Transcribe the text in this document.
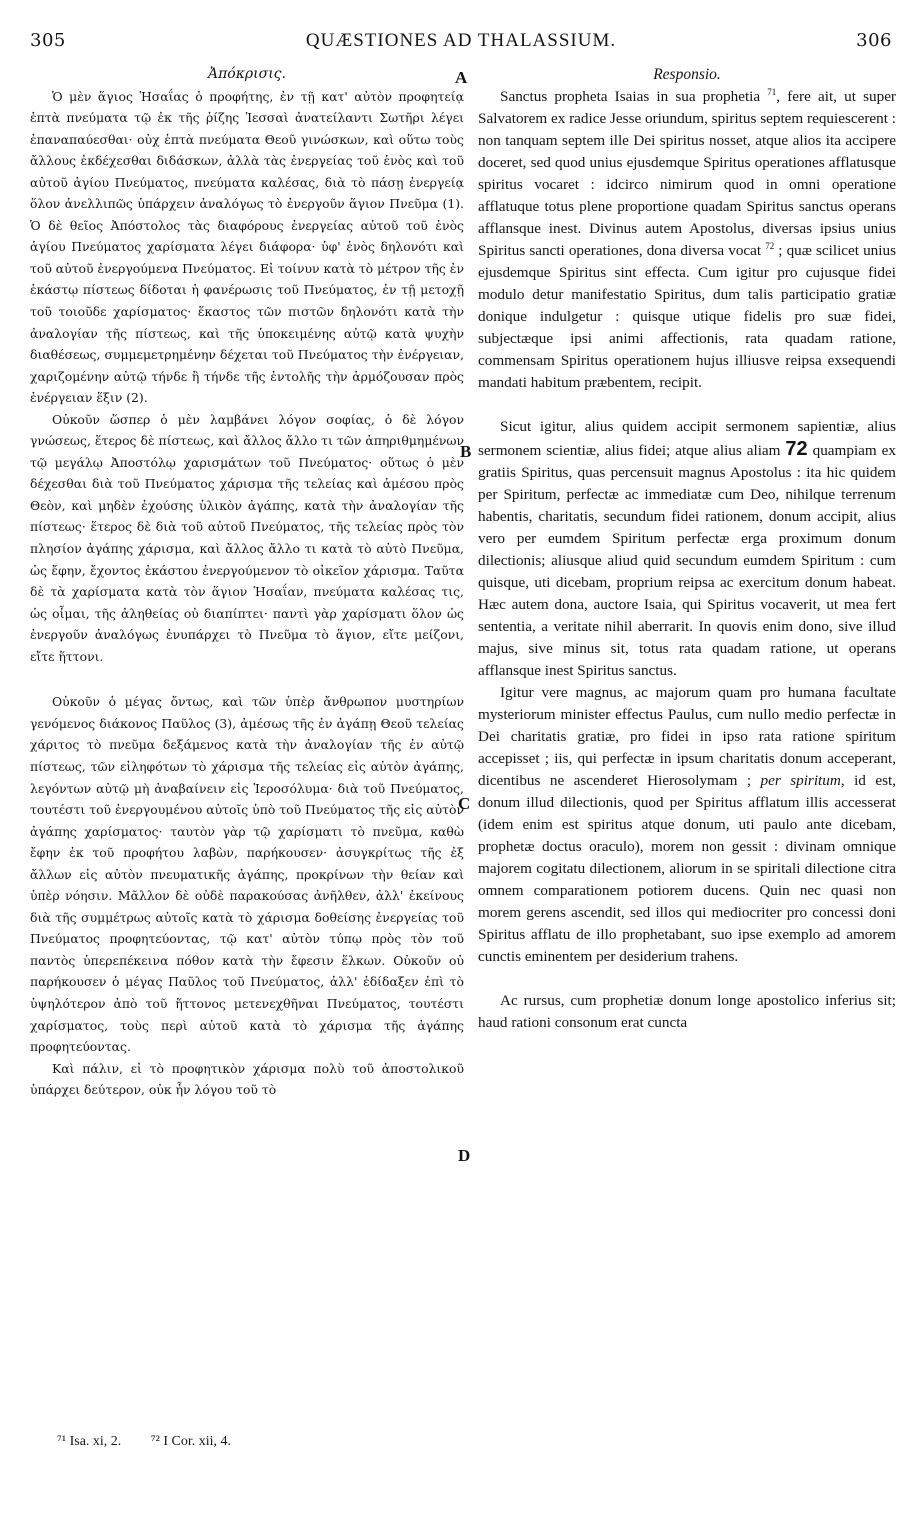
305	QUÆSTIONES AD THALASSIUM.	306
A
B
C
D
Ἀπόκρισις.

Ὁ μὲν ἅγιος Ἡσαΐας ὁ προφήτης, ἐν τῇ κατ' αὐτὸν προφητείᾳ ἑπτὰ πνεύματα τῷ ἐκ τῆς ῥίζης Ἰεσσαὶ ἀνατείλαντι Σωτῆρι λέγει ἐπαναπαύεσθαι· οὐχ ἑπτὰ πνεύματα Θεοῦ γινώσκων, καὶ οὕτω τοὺς ἄλλους ἐκδέχεσθαι διδάσκων, ἀλλὰ τὰς ἐνεργείας τοῦ ἑνὸς καὶ τοῦ αὐτοῦ ἁγίου Πνεύματος, πνεύματα καλέσας, διὰ τὸ πάσῃ ἐνεργείᾳ ὅλον ἀνελλιπῶς ὑπάρχειν ἀναλόγως τὸ ἐνεργοῦν ἅγιον Πνεῦμα (1). Ὁ δὲ θεῖος Ἀπόστολος τὰς διαφόρους ἐνεργείας αὐτοῦ τοῦ ἑνὸς ἁγίου Πνεύματος χαρίσματα λέγει διάφορα· ὑφ' ἑνὸς δηλονότι καὶ τοῦ αὐτοῦ ἐνεργούμενα Πνεύματος. Εἰ τοίνυν κατὰ τὸ μέτρον τῆς ἐν ἑκάστῳ πίστεως δίδοται ἡ φανέρωσις τοῦ Πνεύματος, ἐν τῇ μετοχῇ τοῦ τοιοῦδε χαρίσματος· ἕκαστος τῶν πιστῶν δηλονότι κατὰ τὴν ἀναλογίαν τῆς πίστεως, καὶ τῆς ὑποκειμένης αὐτῷ κατὰ ψυχὴν διαθέσεως, συμμεμετρημένην δέχεται τοῦ Πνεύματος τὴν ἐνέργειαν, χαριζομένην αὐτῷ τήνδε ἢ τήνδε τῆς ἐντολῆς τὴν ἁρμόζουσαν πρὸς ἐνέργειαν ἕξιν (2).

Οὐκοῦν ὥσπερ ὁ μὲν λαμβάνει λόγον σοφίας, ὁ δὲ λόγον γνώσεως, ἕτερος δὲ πίστεως, καὶ ἄλλος ἄλλο τι τῶν ἀπηριθμημένων τῷ μεγάλῳ Ἀποστόλῳ χαρισμάτων τοῦ Πνεύματος· οὕτως ὁ μὲν δέχεσθαι διὰ τοῦ Πνεύματος χάρισμα τῆς τελείας καὶ ἀμέσου πρὸς Θεὸν, καὶ μηδὲν ἐχούσης ὑλικὸν ἀγάπης, κατὰ τὴν ἀναλογίαν τῆς πίστεως· ἕτερος δὲ διὰ τοῦ αὐτοῦ Πνεύματος, τῆς τελείας πρὸς τὸν πλησίον ἀγάπης χάρισμα, καὶ ἄλλος ἄλλο τι κατὰ τὸ αὐτὸ Πνεῦμα, ὡς ἔφην, ἔχοντος ἑκάστου ἐνεργούμενον τὸ οἰκεῖον χάρισμα. Ταῦτα δὲ τὰ χαρίσματα κατὰ τὸν ἅγιον Ἡσαΐαν, πνεύματα καλέσας τις, ὡς οἶμαι, τῆς ἀληθείας οὐ διαπίπτει· παντὶ γὰρ χαρίσματι ὅλον ὡς ἐνεργοῦν ἀναλόγως ἐνυπάρχει τὸ Πνεῦμα τὸ ἅγιον, εἴτε μείζονι, εἴτε ἥττονι.

Οὐκοῦν ὁ μέγας ὄντως, καὶ τῶν ὑπὲρ ἄνθρωπον μυστηρίων γενόμενος διάκονος Παῦλος (3), ἀμέσως τῆς ἐν ἀγάπῃ Θεοῦ τελείας χάριτος τὸ πνεῦμα δεξάμενος κατὰ τὴν ἀναλογίαν τῆς ἐν αὐτῷ πίστεως, τῶν εἰληφότων τὸ χάρισμα τῆς τελείας εἰς αὐτὸν ἀγάπης, λεγόντων αὐτῷ μὴ ἀναβαίνειν εἰς Ἱεροσόλυμα· διὰ τοῦ Πνεύματος, τουτέστι τοῦ ἐνεργουμένου αὐτοῖς ὑπὸ τοῦ Πνεύματος τῆς εἰς αὐτὸν ἀγάπης χαρίσματος· ταυτὸν γὰρ τῷ χαρίσματι τὸ πνεῦμα, καθὼ ἔφην ἐκ τοῦ προφήτου λαβὼν, παρήκουσεν· ἀσυγκρίτως τῆς ἐξ ἄλλων εἰς αὐτὸν πνευματικῆς ἀγάπης, προκρίνων τὴν θείαν καὶ ὑπὲρ νόησιν. Μᾶλλον δὲ οὐδὲ παρακούσας ἀνῆλθεν, ἀλλ' ἐκείνους διὰ τῆς συμμέτρως αὐτοῖς κατὰ τὸ χάρισμα δοθείσης ἐνεργείας τοῦ Πνεύματος προφητεύοντας, τῷ κατ' αὐτὸν τύπῳ πρὸς τὸν τοῦ παντὸς ὑπερεπέκεινα πόθον κατὰ τὴν ἔφεσιν ἕλκων. Οὐκοῦν οὐ παρήκουσεν ὁ μέγας Παῦλος τοῦ Πνεύματος, ἀλλ' ἐδίδαξεν ἐπὶ τὸ ὑψηλότερον ἀπὸ τοῦ ἥττονος μετενεχθῆναι Πνεύματος, τουτέστι χαρίσματος, τοὺς περὶ αὐτοῦ κατὰ τὸ χάρισμα τῆς ἀγάπης προφητεύοντας.

Καὶ πάλιν, εἰ τὸ προφητικὸν χάρισμα πολὺ τοῦ ἀποστολικοῦ ὑπάρχει δεύτερον, οὐκ ἦν λόγου τοῦ τὸ

Responsio.

Sanctus propheta Isaias in sua prophetia $^{71}$, fere ait, ut super Salvatorem ex radice Jesse oriundum, spiritus septem requiescerent : non tanquam septem ille Dei spiritus nosset, atque alios ita accipere doceret, sed quod unius ejusdemque Spiritus operationes afflatusque spiritus vocaret : idcirco nimirum quod in omni operatione afflatuque totus plene proportione quadam Spiritus sanctus operans afflansque inest. Divinus autem Apostolus, diversas ipsius unius Spiritus sancti operationes, dona diversa vocat $^{72}$ ; quæ scilicet unius ejusdemque Spiritus sint effecta. Cum igitur pro cujusque fidei modulo detur manifestatio Spiritus, dum talis participatio gratiæ donique indulgetur : quisque utique fidelis pro suæ fidei, subjectæque ipsi animi affectionis, rata quadam ratione, commensam Spiritus operationem hujus illiusve reipsa exsequendi mandati habitum præbentem, recipit.

Sicut igitur, alius quidem accipit sermonem sapientiæ, alius sermonem scientiæ, alius fidei; atque alius aliam 72 quampiam ex gratiis Spiritus, quas percensuit magnus Apostolus : ita hic quidem per Spiritum, perfectæ ac immediatæ cum Deo, nihilque terrenum habentis, charitatis, secundum fidei rationem, donum accipit, alius vero per eumdem Spiritum perfectæ erga proximum donum dilectionis; aliusque aliud quid secundum eumdem Spiritum : cum quisque, uti dicebam, proprium reipsa ac exercitum donum habeat. Hæc autem dona, auctore Isaia, qui Spiritus vocaverit, ut mea fert sententia, a veritate nihil aberrarit. In quovis enim dono, sive illud majus, sive minus sit, totus rata quadam ratione, ut operans afflansque inest Spiritus sanctus.

Igitur vere magnus, ac majorum quam pro humana facultate mysteriorum minister effectus Paulus, cum nullo medio perfectæ in Dei charitatis gratiæ, pro fidei in ipso rata ratione spiritum accepisset ; iis, qui perfectæ in ipsum charitatis donum acceperant, dicentibus ne ascenderet Hierosolymam ; per spiritum, id est, donum illud dilectionis, quod per Spiritus afflatum illis accesserat (idem enim est spiritus atque donum, uti paulo ante dicebam, prophetæ doctus oraculo), morem non gessit : divinam omnique majorem cogitatu dilectionem, aliorum in se spiritali dilectione citra omnem comparationem potiorem ducens. Quin nec quasi non morem gerens ascendit, sed illos qui mediocriter pro concessi doni Spiritus afflatu de illo prophetabant, suo ipse exemplo ad amorem cunctis eminentem per desiderium trahens.

Ac rursus, cum prophetiæ donum longe apostolico inferius sit; haud rationi consonum erat cuncta

⁷¹ Isa. xi, 2. ⁷² I Cor. xii, 4.
